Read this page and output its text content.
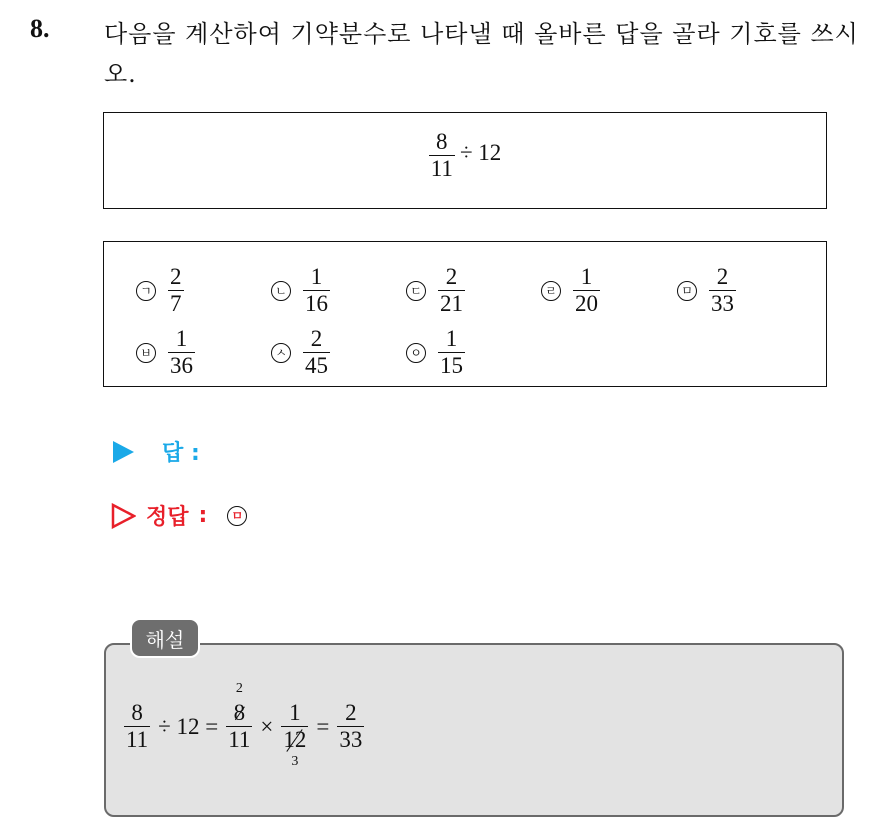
8. 다음을 계산하여 기약분수로 나타낼 때 올바른 답을 골라 기호를 쓰시오.
$\frac{8}{11} \div 12$
ㄱ $\frac{2}{7}$	ㄴ $\frac{1}{16}$	ㄷ $\frac{2}{21}$	ㄹ $\frac{1}{20}$	ㅁ $\frac{2}{33}$
ㅂ $\frac{1}{36}$	ㅅ $\frac{2}{45}$	ㅇ $\frac{1}{15}$
답 :
정답 :	ㅁ
해설
$\frac{8}{11} \div 12$ =
2
8
11
×
1
12
3
= $\frac{2}{33}$
